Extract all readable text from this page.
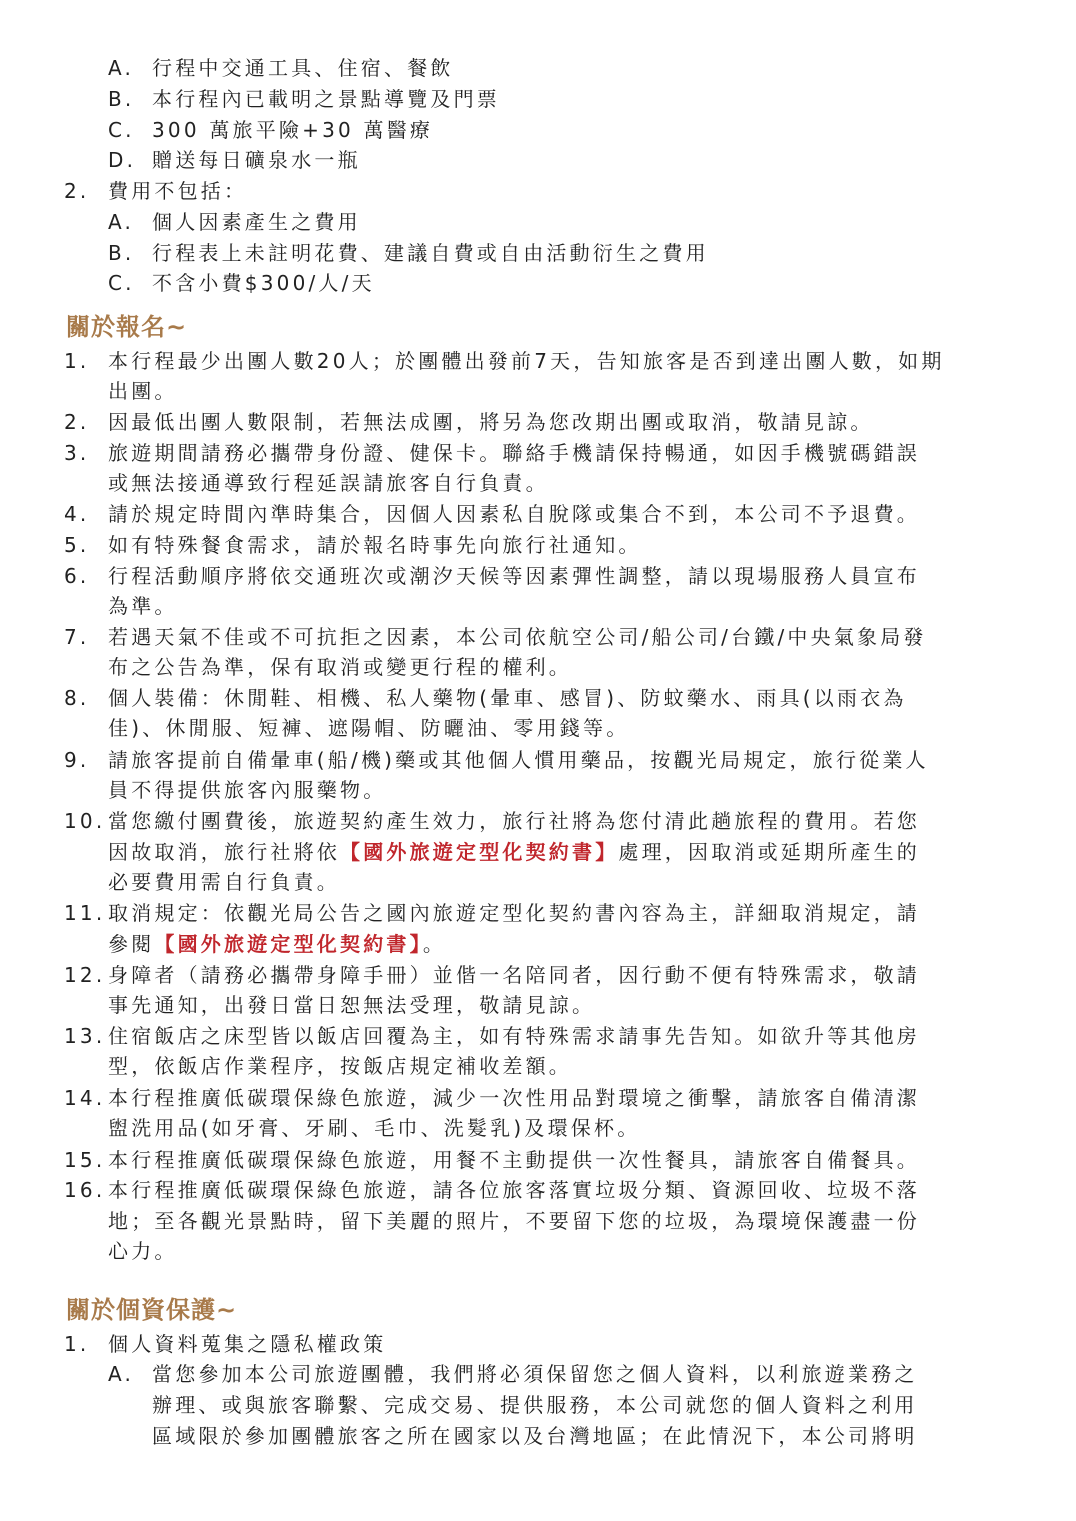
A. 行程中交通工具、住宿、餐飲
B. 本行程內已載明之景點導覽及門票
C. 300 萬旅平險+30 萬醫療
D. 贈送每日礦泉水一瓶
2. 費用不包括：
A. 個人因素產生之費用
B. 行程表上未註明花費、建議自費或自由活動衍生之費用
C. 不含小費$300/人/天
關於報名~
1. 本行程最少出團人數20人；於團體出發前7天，告知旅客是否到達出團人數，如期
出團。
2. 因最低出團人數限制，若無法成團，將另為您改期出團或取消，敬請見諒。
3. 旅遊期間請務必攜帶身份證、健保卡。聯絡手機請保持暢通，如因手機號碼錯誤
或無法接通導致行程延誤請旅客自行負責。
4. 請於規定時間內準時集合，因個人因素私自脫隊或集合不到，本公司不予退費。
5. 如有特殊餐食需求，請於報名時事先向旅行社通知。
6. 行程活動順序將依交通班次或潮汐天候等因素彈性調整，請以現場服務人員宣布
為準。
7. 若遇天氣不佳或不可抗拒之因素，本公司依航空公司/船公司/台鐵/中央氣象局發
布之公告為準，保有取消或變更行程的權利。
8. 個人裝備：休閒鞋、相機、私人藥物(暈車、感冒)、防蚊藥水、雨具(以雨衣為
佳)、休閒服、短褲、遮陽帽、防曬油、零用錢等。
9. 請旅客提前自備暈車(船/機)藥或其他個人慣用藥品，按觀光局規定，旅行從業人
員不得提供旅客內服藥物。
10. 當您繳付團費後，旅遊契約產生效力，旅行社將為您付清此趟旅程的費用。若您
因故取消，旅行社將依【國外旅遊定型化契約書】處理，因取消或延期所產生的
必要費用需自行負責。
11. 取消規定：依觀光局公告之國內旅遊定型化契約書內容為主，詳細取消規定，請
參閱【國外旅遊定型化契約書】。
12. 身障者（請務必攜帶身障手冊）並偕一名陪同者，因行動不便有特殊需求，敬請
事先通知，出發日當日恕無法受理，敬請見諒。
13. 住宿飯店之床型皆以飯店回覆為主，如有特殊需求請事先告知。如欲升等其他房
型，依飯店作業程序，按飯店規定補收差額。
14. 本行程推廣低碳環保綠色旅遊，減少一次性用品對環境之衝擊，請旅客自備清潔
盥洗用品(如牙膏、牙刷、毛巾、洗髮乳)及環保杯。
15. 本行程推廣低碳環保綠色旅遊，用餐不主動提供一次性餐具，請旅客自備餐具。
16. 本行程推廣低碳環保綠色旅遊，請各位旅客落實垃圾分類、資源回收、垃圾不落
地；至各觀光景點時，留下美麗的照片，不要留下您的垃圾，為環境保護盡一份
心力。
關於個資保護~
1. 個人資料蒐集之隱私權政策
A. 當您參加本公司旅遊團體，我們將必須保留您之個人資料，以利旅遊業務之
辦理、或與旅客聯繫、完成交易、提供服務，本公司就您的個人資料之利用
區域限於參加團體旅客之所在國家以及台灣地區；在此情況下，本公司將明
